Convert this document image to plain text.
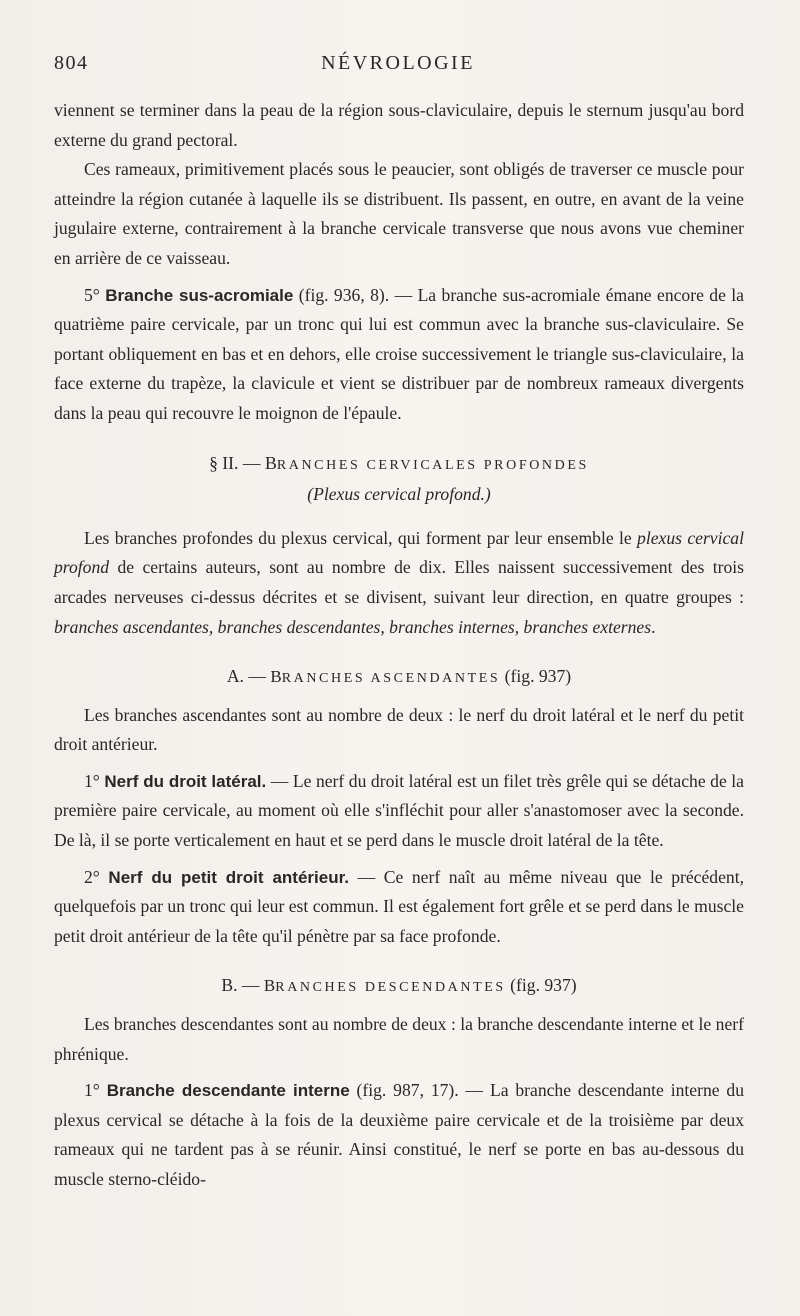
804	NÉVROLOGIE

viennent se terminer dans la peau de la région sous-claviculaire, depuis le sternum jusqu'au bord externe du grand pectoral.

Ces rameaux, primitivement placés sous le peaucier, sont obligés de traverser ce muscle pour atteindre la région cutanée à laquelle ils se distribuent. Ils passent, en outre, en avant de la veine jugulaire externe, contrairement à la branche cervicale transverse que nous avons vue cheminer en arrière de ce vaisseau.

5° Branche sus-acromiale (fig. 936, 8). — La branche sus-acromiale émane encore de la quatrième paire cervicale, par un tronc qui lui est commun avec la branche sus-claviculaire. Se portant obliquement en bas et en dehors, elle croise successivement le triangle sus-claviculaire, la face externe du trapèze, la clavicule et vient se distribuer par de nombreux rameaux divergents dans la peau qui recouvre le moignon de l'épaule.

§ II. — BRANCHES CERVICALES PROFONDES

(Plexus cervical profond.)

Les branches profondes du plexus cervical, qui forment par leur ensemble le plexus cervical profond de certains auteurs, sont au nombre de dix. Elles naissent successivement des trois arcades nerveuses ci-dessus décrites et se divisent, suivant leur direction, en quatre groupes : branches ascendantes, branches descendantes, branches internes, branches externes.

A. — BRANCHES ASCENDANTES (fig. 937)

Les branches ascendantes sont au nombre de deux : le nerf du droit latéral et le nerf du petit droit antérieur.

1° Nerf du droit latéral. — Le nerf du droit latéral est un filet très grêle qui se détache de la première paire cervicale, au moment où elle s'infléchit pour aller s'anastomoser avec la seconde. De là, il se porte verticalement en haut et se perd dans le muscle droit latéral de la tête.

2° Nerf du petit droit antérieur. — Ce nerf naît au même niveau que le précédent, quelquefois par un tronc qui leur est commun. Il est également fort grêle et se perd dans le muscle petit droit antérieur de la tête qu'il pénètre par sa face profonde.

B. — BRANCHES DESCENDANTES (fig. 937)

Les branches descendantes sont au nombre de deux : la branche descendante interne et le nerf phrénique.

1° Branche descendante interne (fig. 987, 17). — La branche descendante interne du plexus cervical se détache à la fois de la deuxième paire cervicale et de la troisième par deux rameaux qui ne tardent pas à se réunir. Ainsi constitué, le nerf se porte en bas au-dessous du muscle sterno-cléido-
